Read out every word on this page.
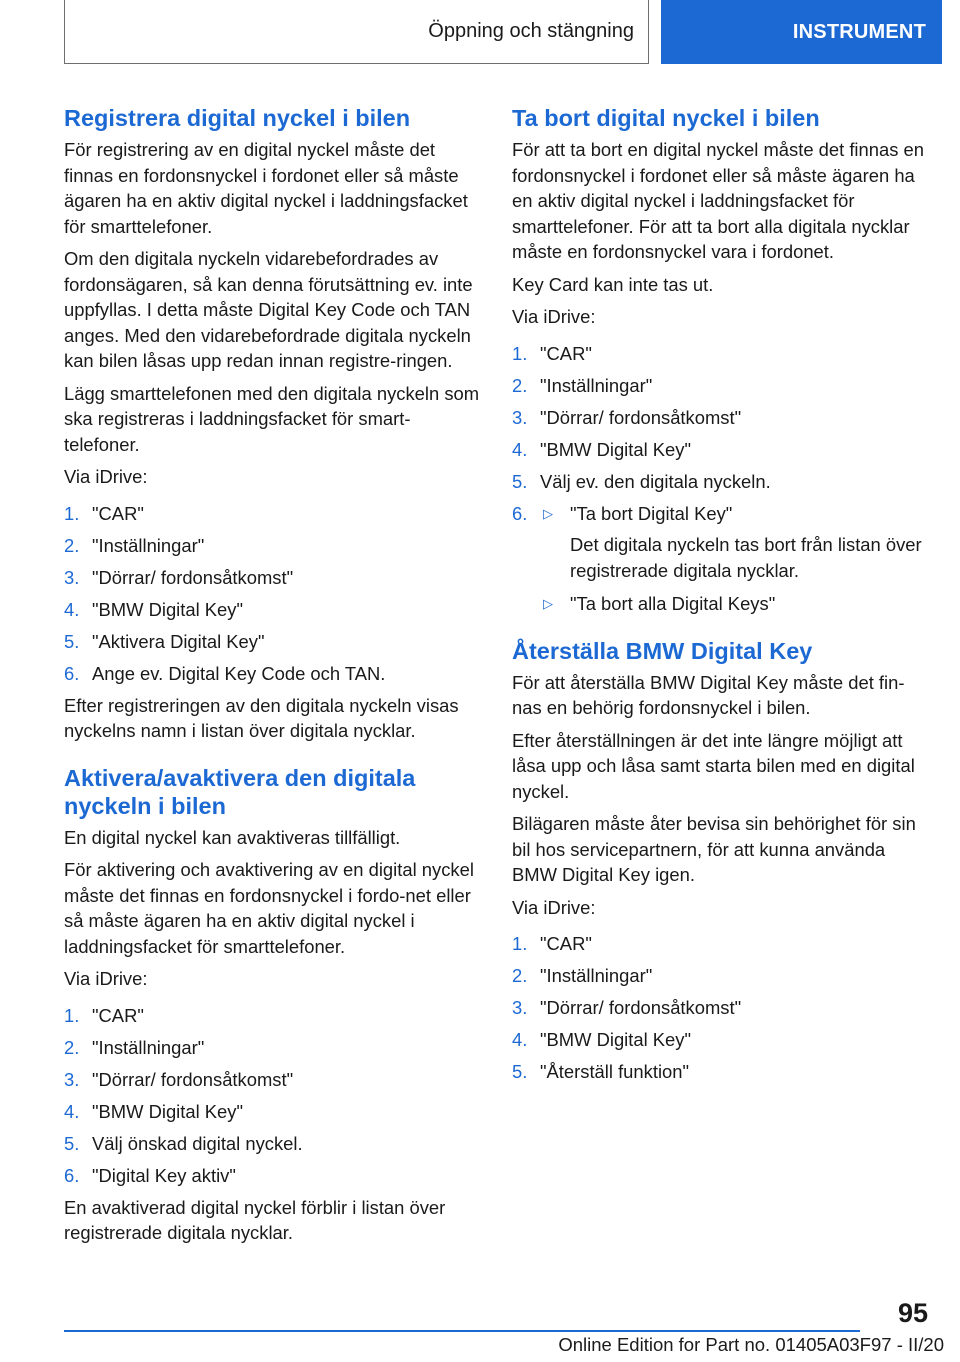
Öppning och stängning	INSTRUMENT
Registrera digital nyckel i bilen

För registrering av en digital nyckel måste det finnas en fordonsnyckel i fordonet eller så måste ägaren ha en aktiv digital nyckel i laddningsfacket för smarttelefoner.

Om den digitala nyckeln vidarebefordrades av fordonsägaren, så kan denna förutsättning ev. inte uppfyllas. I detta måste Digital Key Code och TAN anges. Med den vidarebefordrade digitala nyckeln kan bilen låsas upp redan innan registre-ringen.

Lägg smarttelefonen med den digitala nyckeln som ska registreras i laddningsfacket för smart-telefoner.

Via iDrive:

1. "CAR"
2. "Inställningar"
3. "Dörrar/ fordonsåtkomst"
4. "BMW Digital Key"
5. "Aktivera Digital Key"
6. Ange ev. Digital Key Code och TAN.

Efter registreringen av den digitala nyckeln visas nyckelns namn i listan över digitala nycklar.

Aktivera/avaktivera den digitala nyckeln i bilen

En digital nyckel kan avaktiveras tillfälligt.

För aktivering och avaktivering av en digital nyckel måste det finnas en fordonsnyckel i fordo-net eller så måste ägaren ha en aktiv digital nyckel i laddningsfacket för smarttelefoner.

Via iDrive:

1. "CAR"
2. "Inställningar"
3. "Dörrar/ fordonsåtkomst"
4. "BMW Digital Key"
5. Välj önskad digital nyckel.
6. "Digital Key aktiv"

En avaktiverad digital nyckel förblir i listan över registrerade digitala nycklar.

Ta bort digital nyckel i bilen

För att ta bort en digital nyckel måste det finnas en fordonsnyckel i fordonet eller så måste ägaren ha en aktiv digital nyckel i laddningsfacket för smarttelefoner. För att ta bort alla digitala nycklar måste en fordonsnyckel vara i fordonet.

Key Card kan inte tas ut.

Via iDrive:

1. "CAR"
2. "Inställningar"
3. "Dörrar/ fordonsåtkomst"
4. "BMW Digital Key"
5. Välj ev. den digitala nyckeln.
6.	▷ "Ta bort Digital Key"
Det digitala nyckeln tas bort från listan över registrerade digitala nycklar.
▷ "Ta bort alla Digital Keys"
Återställa BMW Digital Key

För att återställa BMW Digital Key måste det fin-nas en behörig fordonsnyckel i bilen.

Efter återställningen är det inte längre möjligt att låsa upp och låsa samt starta bilen med en digital nyckel.

Bilägaren måste åter bevisa sin behörighet för sin bil hos servicepartnern, för att kunna använda BMW Digital Key igen.

Via iDrive:

1. "CAR"
2. "Inställningar"
3. "Dörrar/ fordonsåtkomst"
4. "BMW Digital Key"
5. "Återställ funktion"
95
Online Edition for Part no. 01405A03F97 - II/20
